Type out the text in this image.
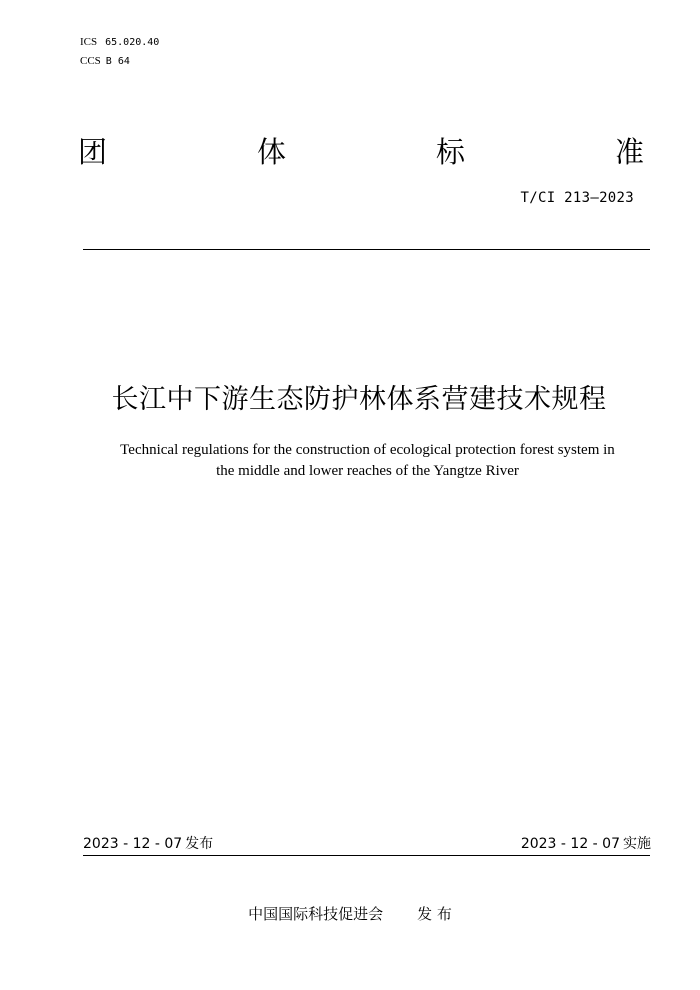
ICS 65.020.40
CCS B 64
团	体	标	准
T/CI 213—2023
长江中下游生态防护林体系营建技术规程
Technical regulations for the construction of ecological protection forest system in
the middle and lower reaches of the Yangtze River
2023 - 12 - 07 发布	2023 - 12 - 07 实施
中国国际科技促进会 发 布
